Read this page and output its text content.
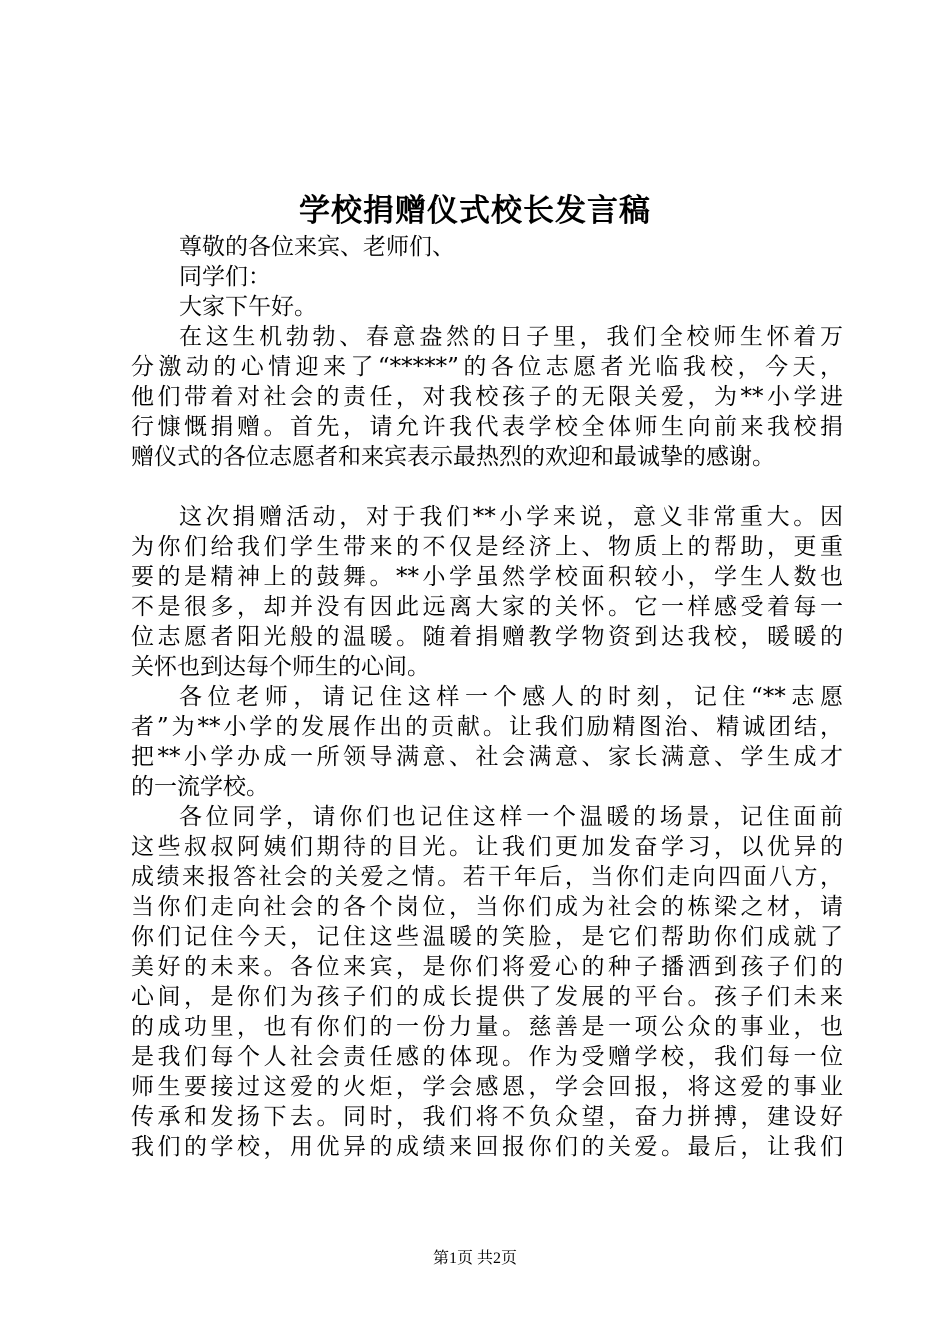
学校捐赠仪式校长发言稿
尊敬的各位来宾、老师们、
同学们：
大家下午好。
在这生机勃勃、春意盎然的日子里，我们全校师生怀着万
分激动的心情迎来了“*****”的各位志愿者光临我校，今天，
他们带着对社会的责任，对我校孩子的无限关爱，为**小学进
行慷慨捐赠。首先，请允许我代表学校全体师生向前来我校捐
赠仪式的各位志愿者和来宾表示最热烈的欢迎和最诚挚的感谢。
这次捐赠活动，对于我们**小学来说，意义非常重大。因
为你们给我们学生带来的不仅是经济上、物质上的帮助，更重
要的是精神上的鼓舞。**小学虽然学校面积较小，学生人数也
不是很多，却并没有因此远离大家的关怀。它一样感受着每一
位志愿者阳光般的温暖。随着捐赠教学物资到达我校，暖暖的
关怀也到达每个师生的心间。
各位老师，请记住这样一个感人的时刻，记住“**志愿
者”为**小学的发展作出的贡献。让我们励精图治、精诚团结，
把**小学办成一所领导满意、社会满意、家长满意、学生成才
的一流学校。
各位同学，请你们也记住这样一个温暖的场景，记住面前
这些叔叔阿姨们期待的目光。让我们更加发奋学习，以优异的
成绩来报答社会的关爱之情。若干年后，当你们走向四面八方，
当你们走向社会的各个岗位，当你们成为社会的栋梁之材，请
你们记住今天，记住这些温暖的笑脸，是它们帮助你们成就了
美好的未来。各位来宾，是你们将爱心的种子播洒到孩子们的
心间，是你们为孩子们的成长提供了发展的平台。孩子们未来
的成功里，也有你们的一份力量。慈善是一项公众的事业，也
是我们每个人社会责任感的体现。作为受赠学校，我们每一位
师生要接过这爱的火炬，学会感恩，学会回报，将这爱的事业
传承和发扬下去。同时，我们将不负众望，奋力拼搏，建设好
我们的学校，用优异的成绩来回报你们的关爱。最后，让我们
第1页 共2页
